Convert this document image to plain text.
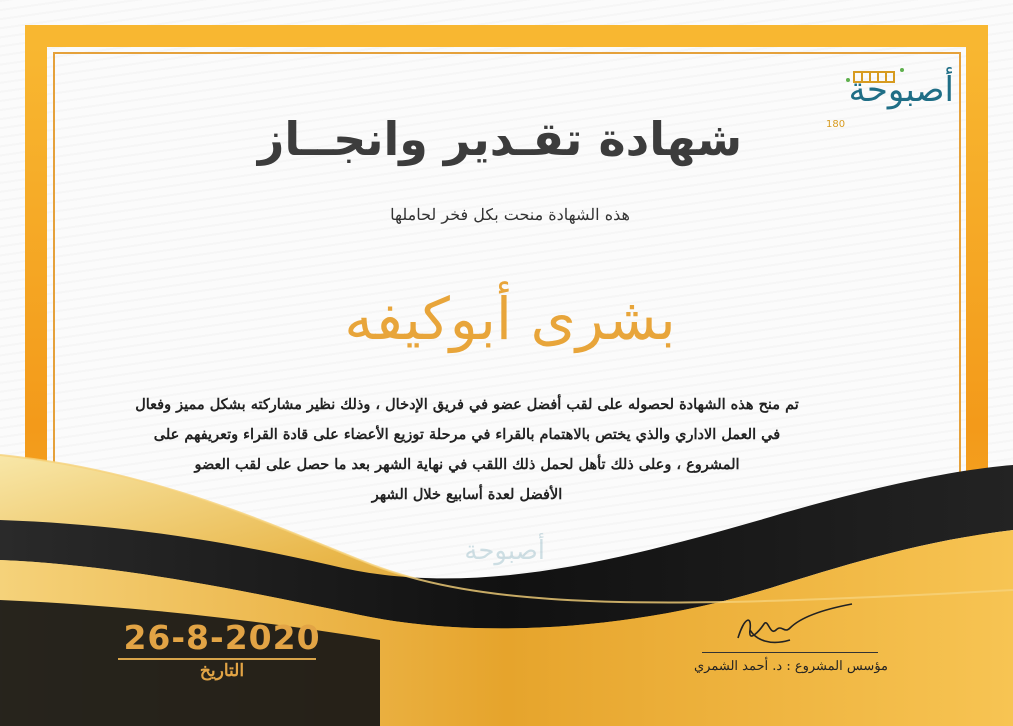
أصبوحة
180
شهادة تقـدير وانجــاز
هذه الشهادة منحت بكل فخر لحاملها
بشرى أبوكيفه
تم منح هذه الشهادة لحصوله على لقب أفضل عضو في فريق الإدخال ، وذلك نظير مشاركته بشكل مميز وفعال
في العمل الاداري والذي يختص بالاهتمام بالقراء في مرحلة توزيع الأعضاء على قادة القراء وتعريفهم على
المشروع ، وعلى ذلك تأهل لحمل ذلك اللقب في نهاية الشهر بعد ما حصل على لقب العضو
الأفضل لعدة أسابيع خلال الشهر
أصبوحة
26-8-2020
التاريخ	مؤسس المشروع : د. أحمد الشمري
